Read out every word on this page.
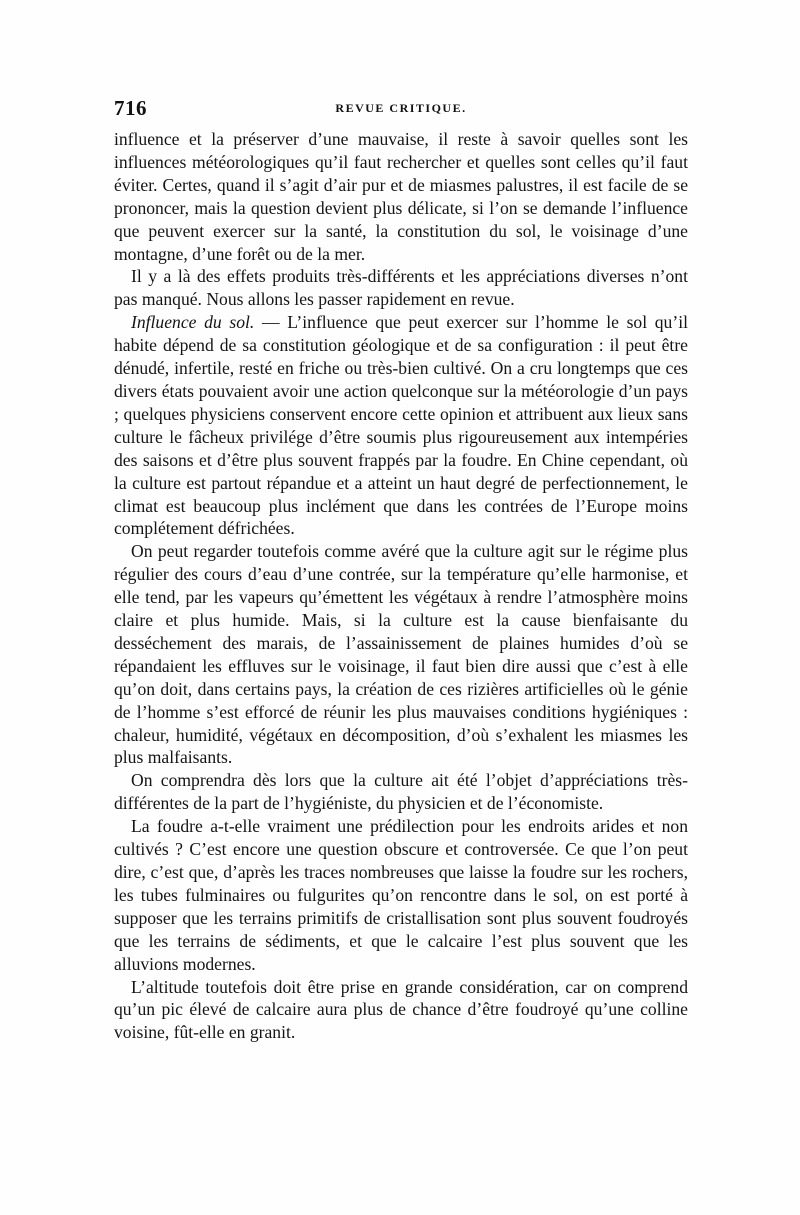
716	REVUE CRITIQUE.

influence et la préserver d’une mauvaise, il reste à savoir quelles sont les influences météorologiques qu’il faut rechercher et quelles sont celles qu’il faut éviter. Certes, quand il s’agit d’air pur et de miasmes palustres, il est facile de se prononcer, mais la question devient plus délicate, si l’on se demande l’influence que peuvent exercer sur la santé, la constitution du sol, le voisinage d’une montagne, d’une forêt ou de la mer.

Il y a là des effets produits très-différents et les appréciations diverses n’ont pas manqué. Nous allons les passer rapidement en revue.

Influence du sol. — L’influence que peut exercer sur l’homme le sol qu’il habite dépend de sa constitution géologique et de sa configuration : il peut être dénudé, infertile, resté en friche ou très-bien cultivé. On a cru longtemps que ces divers états pouvaient avoir une action quelconque sur la météorologie d’un pays ; quelques physiciens conservent encore cette opinion et attribuent aux lieux sans culture le fâcheux privilége d’être soumis plus rigoureusement aux intempéries des saisons et d’être plus souvent frappés par la foudre. En Chine cependant, où la culture est partout répandue et a atteint un haut degré de perfectionnement, le climat est beaucoup plus inclément que dans les contrées de l’Europe moins complétement défrichées.

On peut regarder toutefois comme avéré que la culture agit sur le régime plus régulier des cours d’eau d’une contrée, sur la température qu’elle harmonise, et elle tend, par les vapeurs qu’émettent les végétaux à rendre l’atmosphère moins claire et plus humide. Mais, si la culture est la cause bienfaisante du desséchement des marais, de l’assainissement de plaines humides d’où se répandaient les effluves sur le voisinage, il faut bien dire aussi que c’est à elle qu’on doit, dans certains pays, la création de ces rizières artificielles où le génie de l’homme s’est efforcé de réunir les plus mauvaises conditions hygiéniques : chaleur, humidité, végétaux en décomposition, d’où s’exhalent les miasmes les plus malfaisants.

On comprendra dès lors que la culture ait été l’objet d’appréciations très-différentes de la part de l’hygiéniste, du physicien et de l’économiste.

La foudre a-t-elle vraiment une prédilection pour les endroits arides et non cultivés ? C’est encore une question obscure et controversée. Ce que l’on peut dire, c’est que, d’après les traces nombreuses que laisse la foudre sur les rochers, les tubes fulminaires ou fulgurites qu’on rencontre dans le sol, on est porté à supposer que les terrains primitifs de cristallisation sont plus souvent foudroyés que les terrains de sédiments, et que le calcaire l’est plus souvent que les alluvions modernes.

L’altitude toutefois doit être prise en grande considération, car on comprend qu’un pic élevé de calcaire aura plus de chance d’être foudroyé qu’une colline voisine, fût-elle en granit.
